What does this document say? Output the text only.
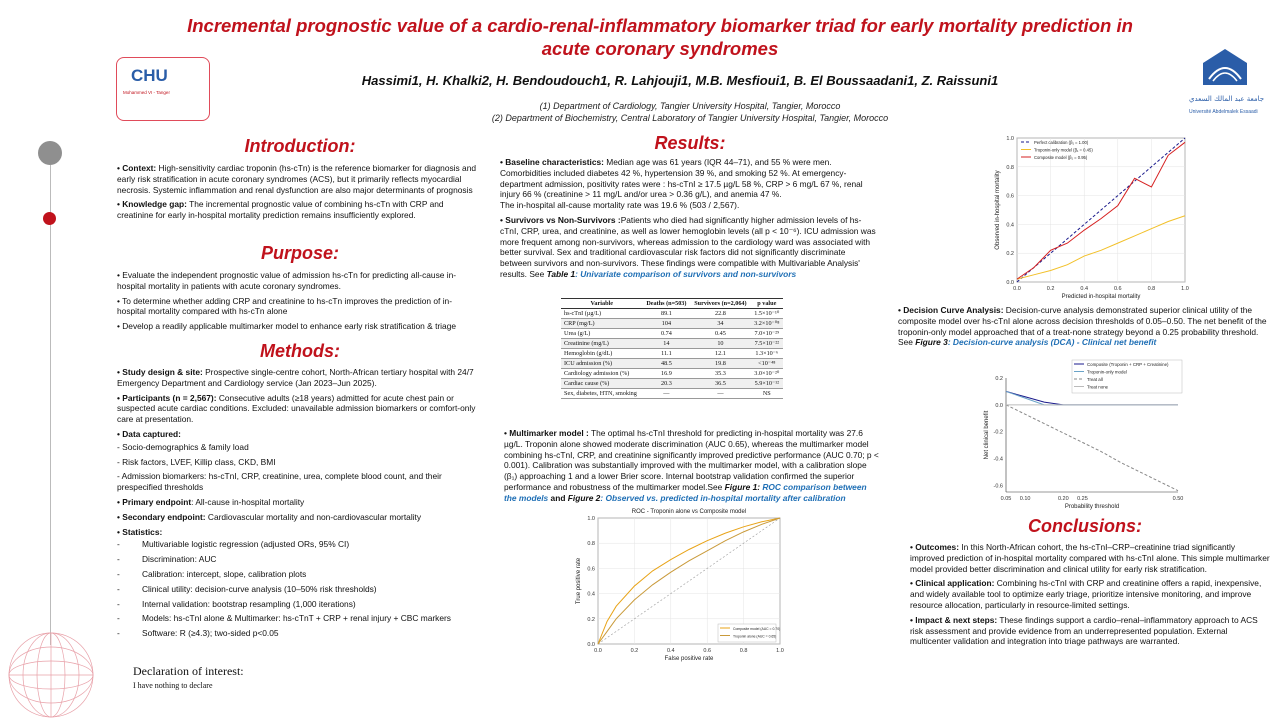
Incremental prognostic value of a cardio-renal-inflammatory biomarker triad for early mortality prediction in acute coronary syndromes
CHU
Mohammed VI - Tanger
جامعة عبد المالك السعدي
Université Abdelmalek Essaadi
Hassimi1, H. Khalki2, H. Bendoudouch1, R. Lahjouji1, M.B. Mesfioui1, B. El Boussaadani1, Z. Raissuni1
(1) Department of Cardiology, Tangier University Hospital, Tangier, Morocco
(2) Department of Biochemistry, Central Laboratory of Tangier University Hospital, Tangier, Morocco
Introduction:

• Context: High-sensitivity cardiac troponin (hs-cTn) is the reference biomarker for diagnosis and early risk stratification in acute coronary syndromes (ACS), but it primarily reflects myocardial necrosis. Systemic inflammation and renal dysfunction are also major determinants of prognosis

• Knowledge gap: The incremental prognostic value of combining hs-cTn with CRP and creatinine for early in-hospital mortality prediction remains insufficiently explored.

Purpose:

• Evaluate the independent prognostic value of admission hs-cTn for predicting all-cause in-hospital mortality in patients with acute coronary syndromes.

• To determine whether adding CRP and creatinine to hs-cTn improves the prediction of in-hospital mortality compared with hs-cTn alone

• Develop a readily applicable multimarker model to enhance early risk stratification & triage

Methods:

• Study design & site: Prospective single-centre cohort, North-African tertiary hospital with 24/7 Emergency Department and Cardiology service (Jan 2023–Jun 2025).

• Participants (n = 2,567): Consecutive adults (≥18 years) admitted for acute chest pain or suspected acute cardiac conditions. Excluded: unavailable admission biomarkers or comfort-only care at presentation.

• Data captured:

- Socio-demographics & family load

- Risk factors, LVEF, Killip class, CKD, BMI

- Admission biomarkers: hs-cTnI, CRP, creatinine, urea, complete blood count, and their prespecified thresholds

• Primary endpoint: All-cause in-hospital mortality

• Secondary endpoint: Cardiovascular mortality and non-cardiovascular mortality

• Statistics:

-	Multivariable logistic regression (adjusted ORs, 95% CI)
-	Discrimination: AUC
-	Calibration: intercept, slope, calibration plots
-	Clinical utility: decision-curve analysis (10–50% risk thresholds)
-	Internal validation: bootstrap resampling (1,000 iterations)
-	Models: hs-cTnI alone & Multimarker: hs-cTnT + CRP + renal injury + CBC markers
-	Software: R (≥4.3); two-sided p<0.05
Declaration of interest:
I have nothing to declare
Results:

• Baseline characteristics: Median age was 61 years (IQR 44–71), and 55 % were men. Comorbidities included diabetes 42 %, hypertension 39 %, and smoking 52 %. At emergency-department admission, positivity rates were : hs-cTnI ≥ 17.5 µg/L 58 %, CRP > 6 mg/L 67 %, renal injury 66 % (creatinine > 11 mg/L and/or urea > 0.36 g/L), and anemia 47 %.

The in-hospital all-cause mortality rate was 19.6 % (503 / 2,567).

• Survivors vs Non-Survivors :Patients who died had significantly higher admission levels of hs-cTnI, CRP, urea, and creatinine, as well as lower hemoglobin levels (all p < 10⁻⁶). ICU admission was more frequent among non-survivors, whereas admission to the cardiology ward was associated with better survival. Sex and traditional cardiovascular risk factors did not significantly discriminate between survivors and non-survivors. These findings were compatible with Multivariable Analysis' results. See Table 1: Univariate comparison of survivors and non-survivors

Variable	Deaths (n=503)	Survivors (n=2,064)	p value
hs-cTnI (µg/L)	89.1	22.8	1.5×10⁻¹⁰
CRP (mg/L)	104	34	3.2×10⁻⁰⁸
Urea (g/L)	0.74	0.45	7.0×10⁻²⁹
Creatinine (mg/L)	14	10	7.5×10⁻²²
Hemoglobin (g/dL)	11.1	12.1	1.3×10⁻⁶
ICU admission (%)	48.5	19.8	<10⁻⁴⁸
Cardiology admission (%)	16.9	35.3	3.0×10⁻²⁰
Cardiac cause (%)	20.3	36.5	5.9×10⁻¹²
Sex, diabetes, HTN, smoking	—	—	NS

• Multimarker model : The optimal hs-cTnI threshold for predicting in-hospital mortality was 27.6 µg/L. Troponin alone showed moderate discrimination (AUC 0.65), whereas the multimarker model combining hs-cTnI, CRP, and creatinine significantly improved predictive performance (AUC 0.70; p < 0.001). Calibration was substantially improved with the multimarker model, with a calibration slope (β₁) approaching 1 and a lower Brier score. Internal bootstrap validation confirmed the superior performance and robustness of the multimarker model.See Figure 1: ROC comparison between the models and Figure 2: Observed vs. predicted in-hospital mortality after calibration

ROC - Troponin alone vs Composite model
0.0	0.2	0.4	0.6	0.8	1.0
0.0
0.2
0.4
0.6
0.8
1.0
False positive rate
True positive rate
Composite model (AUC = 0.70)
Troponin alone (AUC = 0.65)
0.0	0.2	0.4	0.6	0.8	1.0
0.0
0.2
0.4
0.6
0.8
1.0
Predicted in-hospital mortality
Observed in-hospital mortality
Perfect calibration (β₁ = 1.00)
Troponin-only model (β₁ = 0.45)
Composite model (β₁ = 0.95)

• Decision Curve Analysis: Decision-curve analysis demonstrated superior clinical utility of the composite model over hs-cTnI alone across decision thresholds of 0.05–0.50. The net benefit of the troponin-only model approached that of a treat-none strategy beyond a 0.25 probability threshold. See Figure 3: Decision-curve analysis (DCA) - Clinical net benefit

0.05 0.10	0.20 0.25	0.50
0.2
0.0
-0.2
-0.4
-0.6
Probability threshold
Net clinical benefit
Composite (Troponin + CRP + Creatinine)
Troponin-only model
Treat all
Treat none
Conclusions:

• Outcomes: In this North-African cohort, the hs-cTnI–CRP–creatinine triad significantly improved prediction of in-hospital mortality compared with hs-cTnI alone. This simple multimarker model provided better discrimination and clinical utility for early risk stratification.

• Clinical application: Combining hs-cTnI with CRP and creatinine offers a rapid, inexpensive, and widely available tool to optimize early triage, prioritize intensive monitoring, and improve resource allocation, particularly in resource-limited settings.

• Impact & next steps: These findings support a cardio–renal–inflammatory approach to ACS risk assessment and provide evidence from an underrepresented population. External multicenter validation and integration into triage pathways are warranted.
